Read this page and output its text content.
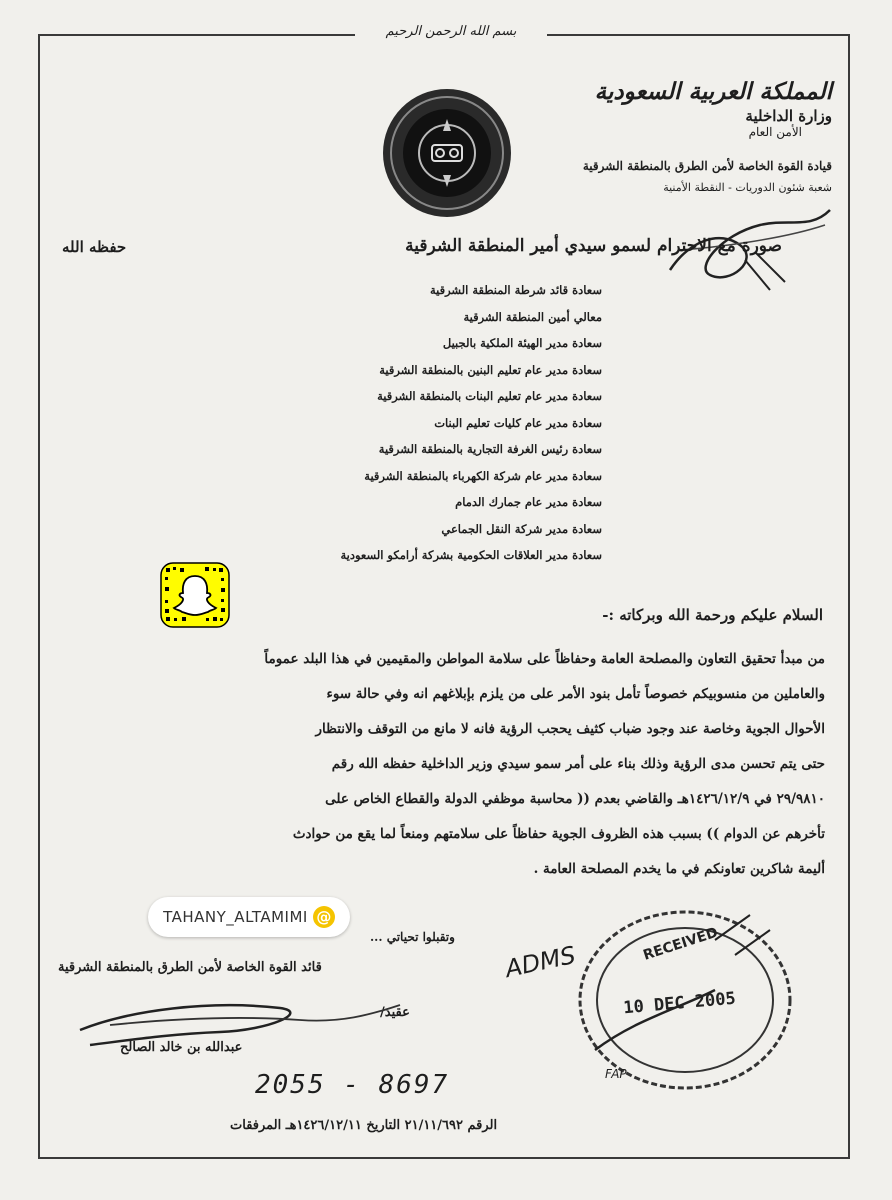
بسم الله الرحمن الرحيم
المملكة العربية السعودية
وزارة الداخلية
الأمن العام
قيادة القوة الخاصة لأمن الطرق بالمنطقة الشرقية
شعبة شئون الدوريات - النقطة الأمنية
صورة مع الاحترام لسمو سيدي أمير المنطقة الشرقية
حفظه الله
سعادة قائد شرطة المنطقة الشرقية
معالي أمين المنطقة الشرقية
سعادة مدير الهيئة الملكية بالجبيل
سعادة مدير عام تعليم البنين بالمنطقة الشرقية
سعادة مدير عام تعليم البنات بالمنطقة الشرقية
سعادة مدير عام كليات تعليم البنات
سعادة رئيس الغرفة التجارية بالمنطقة الشرقية
سعادة مدير عام شركة الكهرباء بالمنطقة الشرقية
سعادة مدير عام جمارك الدمام
سعادة مدير شركة النقل الجماعي
سعادة مدير العلاقات الحكومية بشركة أرامكو السعودية
السلام عليكم ورحمة الله وبركاته :-
من مبدأ تحقيق التعاون والمصلحة العامة وحفاظاً على سلامة المواطن والمقيمين في هذا البلد عموماً
والعاملين من منسوبيكم خصوصاً تأمل بنود الأمر على من يلزم بإبلاغهم انه وفي حالة سوء
الأحوال الجوية وخاصة عند وجود ضباب كثيف يحجب الرؤية فانه لا مانع من التوقف والانتظار
حتى يتم تحسن مدى الرؤية وذلك بناء على أمر سمو سيدي وزير الداخلية حفظه الله رقم
٢٩/٩٨١٠ في ١٤٢٦/١٢/٩هـ والقاضي بعدم (( محاسبة موظفي الدولة والقطاع الخاص على
تأخرهم عن الدوام )) بسبب هذه الظروف الجوية حفاظاً على سلامتهم ومنعاً لما يقع من حوادث
أليمة شاكرين تعاونكم في ما يخدم المصلحة العامة .
TAHANY_ALTAMIMI @
وتقبلوا تحياتي ...
قائد القوة الخاصة لأمن الطرق بالمنطقة الشرقية
عقيد/
عبدالله بن خالد الصالح
2055 - 8697
ADMS	RECEIVED
10 DEC 2005
FAP
الرقم ٢١/١١/٦٩٢ التاريخ ١٤٢٦/١٢/١١هـ المرفقات
